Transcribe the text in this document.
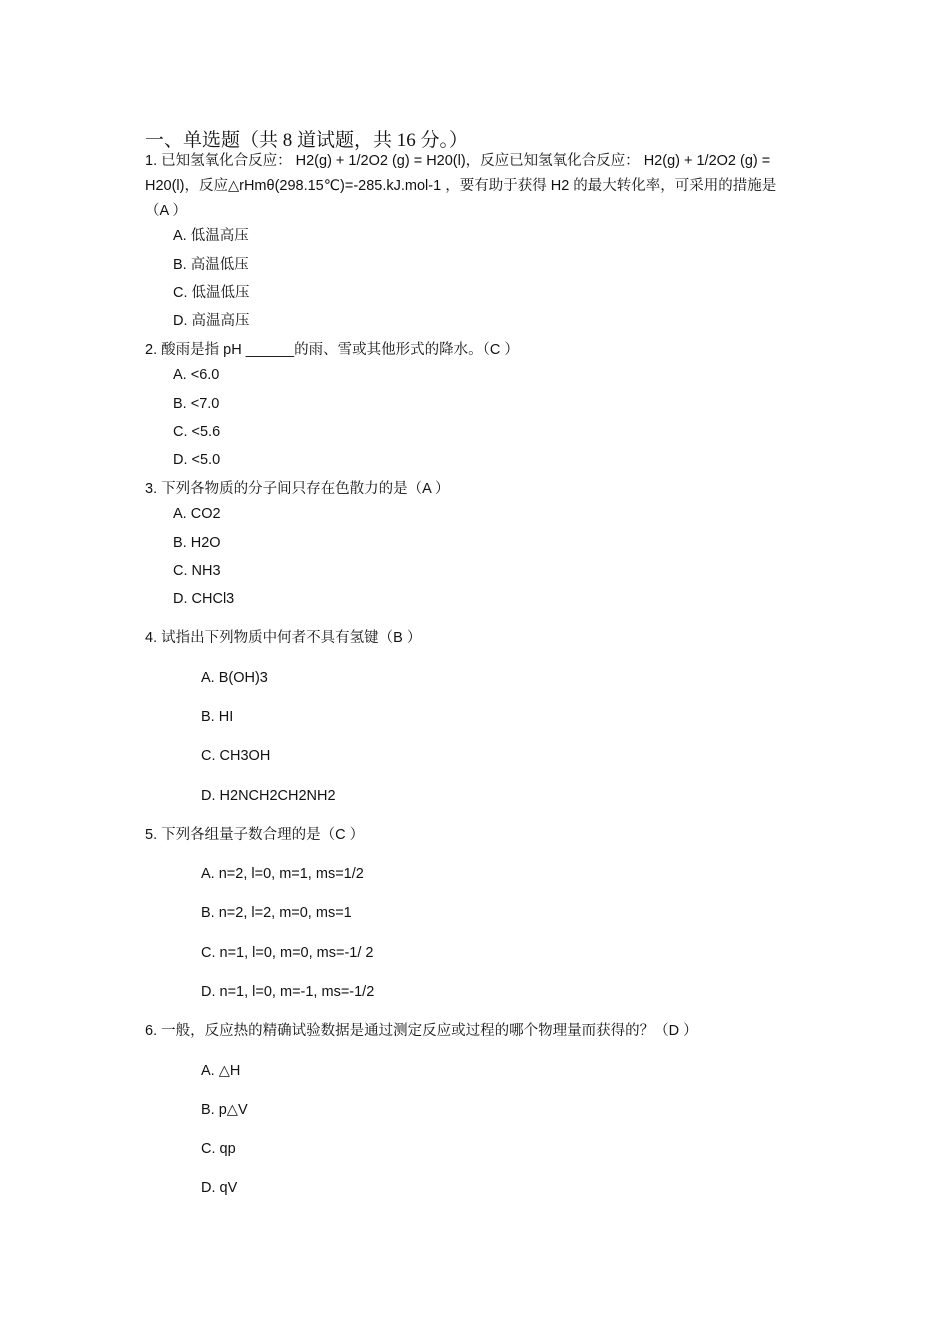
一、单选题（共 8 道试题，共 16 分。）
1. 已知氢氧化合反应： H2(g) + 1/2O2 (g) = H20(l)，反应已知氢氧化合反应： H2(g) + 1/2O2 (g) =
H20(l)，反应△rHmθ(298.15℃)=-285.kJ.mol-1 ，要有助于获得 H2 的最大转化率，可采用的措施是
（A ）
A. 低温高压
B. 高温低压
C. 低温低压
D. 高温高压
2. 酸雨是指 pH ______的雨、雪或其他形式的降水。（C ）
A. <6.0
B. <7.0
C. <5.6
D. <5.0
3. 下列各物质的分子间只存在色散力的是（A ）
A. CO2
B. H2O
C. NH3
D. CHCl3
4. 试指出下列物质中何者不具有氢键（B ）
A. B(OH)3
B. HI
C. CH3OH
D. H2NCH2CH2NH2
5. 下列各组量子数合理的是（C ）
A. n=2, l=0, m=1, ms=1/2
B. n=2, l=2, m=0, ms=1
C. n=1, l=0, m=0, ms=-1/ 2
D. n=1, l=0, m=-1, ms=-1/2
6. 一般，反应热的精确试验数据是通过测定反应或过程的哪个物理量而获得的？（D ）
A. △H
B. p△V
C. qp
D. qV
